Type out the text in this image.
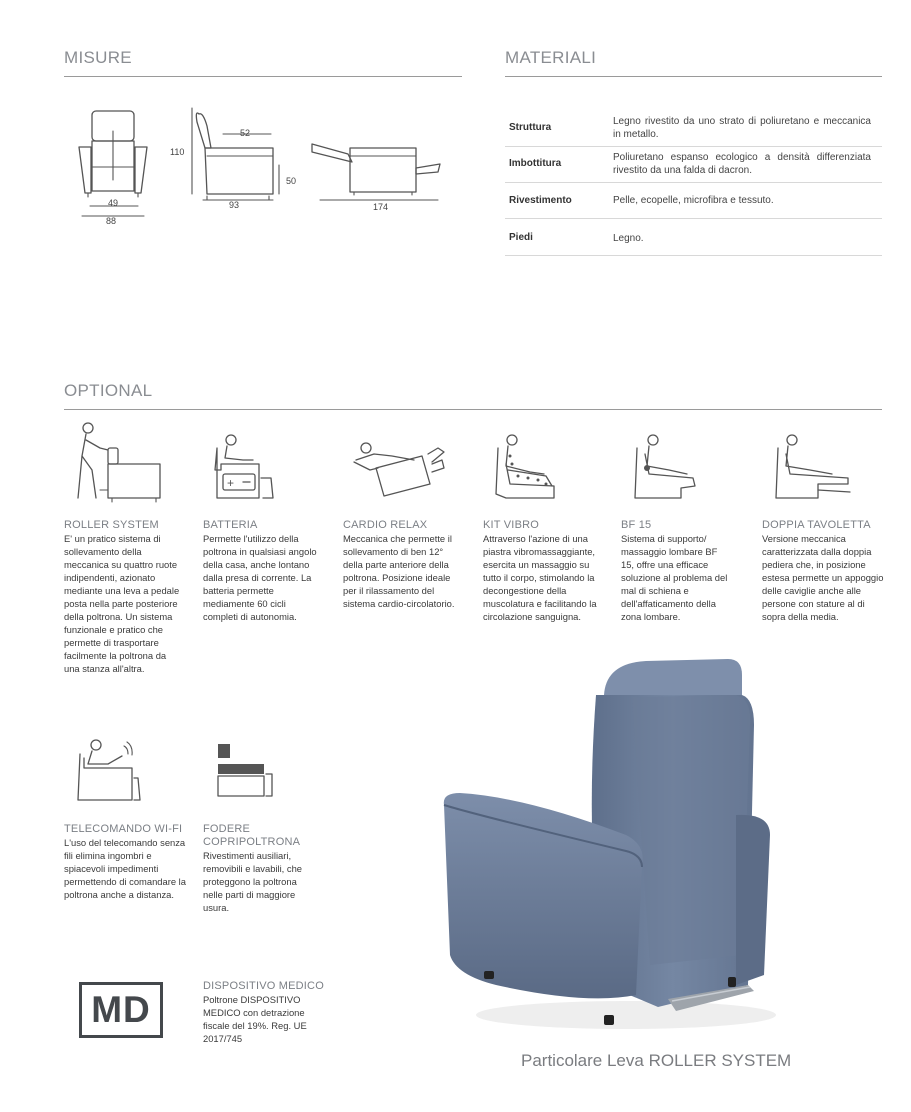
MISURE
49
88
110
52
93
50
174
MATERIALI
Struttura
Legno rivestito da uno strato di poliuretano e meccanica in metallo.
Imbottitura
Poliuretano espanso ecologico a densità differenziata rivestito da una falda di dacron.
Rivestimento	Pelle, ecopelle, microfibra e tessuto.
Piedi	Legno.
OPTIONAL
+
ROLLER SYSTEM
E' un pratico sistema di sollevamento della meccanica su quattro ruote indipendenti, azionato mediante una leva a pedale posta nella parte posteriore della poltrona. Un sistema funzionale e pratico che permette di trasportare facilmente la poltrona da una stanza all'altra.
BATTERIA
Permette l'utilizzo della poltrona in qualsiasi angolo della casa, anche lontano dalla presa di corrente. La batteria permette mediamente 60 cicli completi di autonomia.
CARDIO RELAX
Meccanica che permette il sollevamento di ben 12° della parte anteriore della poltrona. Posizione ideale per il rilassamento del sistema cardio-circolatorio.
KIT VIBRO
Attraverso l'azione di una piastra vibromassaggiante, esercita un massaggio su tutto il corpo, stimolando la decongestione della muscolatura e facilitando la circolazione sanguigna.
BF 15
Sistema di supporto/ massaggio lombare BF 15, offre una efficace soluzione al problema del mal di schiena e dell'affaticamento della zona lombare.
DOPPIA TAVOLETTA
Versione meccanica caratterizzata dalla doppia pediera che, in posizione estesa permette un appoggio delle caviglie anche alle persone con stature al di sopra della media.
TELECOMANDO WI-FI
L'uso del telecomando senza fili elimina ingombri e spiacevoli impedimenti permettendo di comandare la poltrona anche a distanza.
FODERE COPRIPOLTRONA
Rivestimenti ausiliari, removibili e lavabili, che proteggono la poltrona nelle parti di maggiore usura.
MD
DISPOSITIVO MEDICO
Poltrone DISPOSITIVO MEDICO con detrazione fiscale del 19%. Reg. UE 2017/745
Particolare Leva ROLLER SYSTEM
